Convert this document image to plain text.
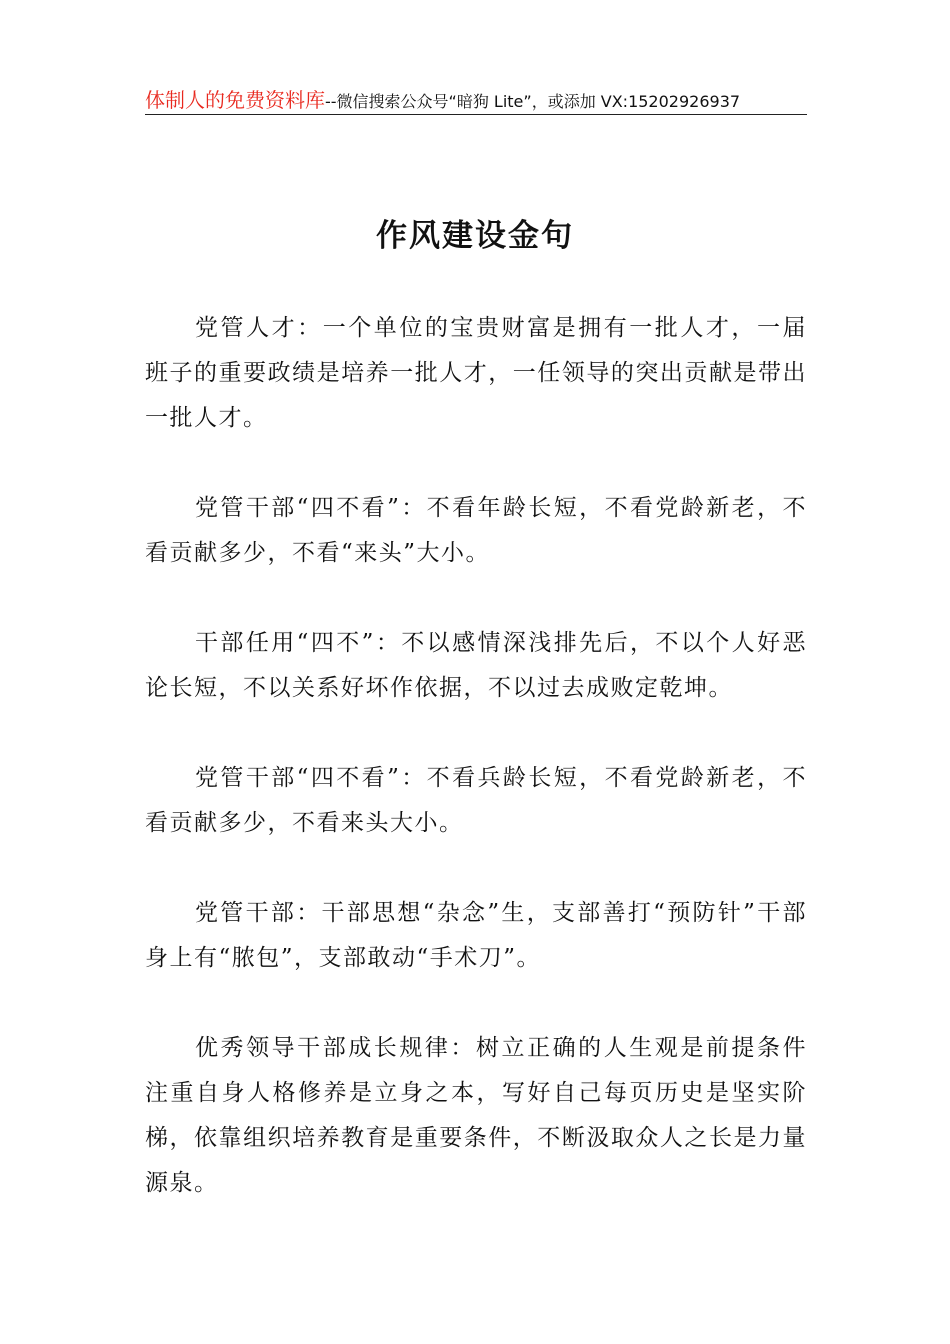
体制人的免费资料库--微信搜索公众号“暗狗 Lite”，或添加 VX:15202926937
作风建设金句

党管人才：一个单位的宝贵财富是拥有一批人才，一届班子的重要政绩是培养一批人才，一任领导的突出贡献是带出一批人才。

党管干部“四不看”：不看年龄长短，不看党龄新老，不看贡献多少，不看“来头”大小。

干部任用“四不”：不以感情深浅排先后，不以个人好恶论长短，不以关系好坏作依据，不以过去成败定乾坤。

党管干部“四不看”：不看兵龄长短，不看党龄新老，不看贡献多少，不看来头大小。

党管干部：干部思想“杂念”生，支部善打“预防针”干部身上有“脓包”，支部敢动“手术刀”。

优秀领导干部成长规律：树立正确的人生观是前提条件注重自身人格修养是立身之本，写好自己每页历史是坚实阶梯，依靠组织培养教育是重要条件，不断汲取众人之长是力量源泉。
